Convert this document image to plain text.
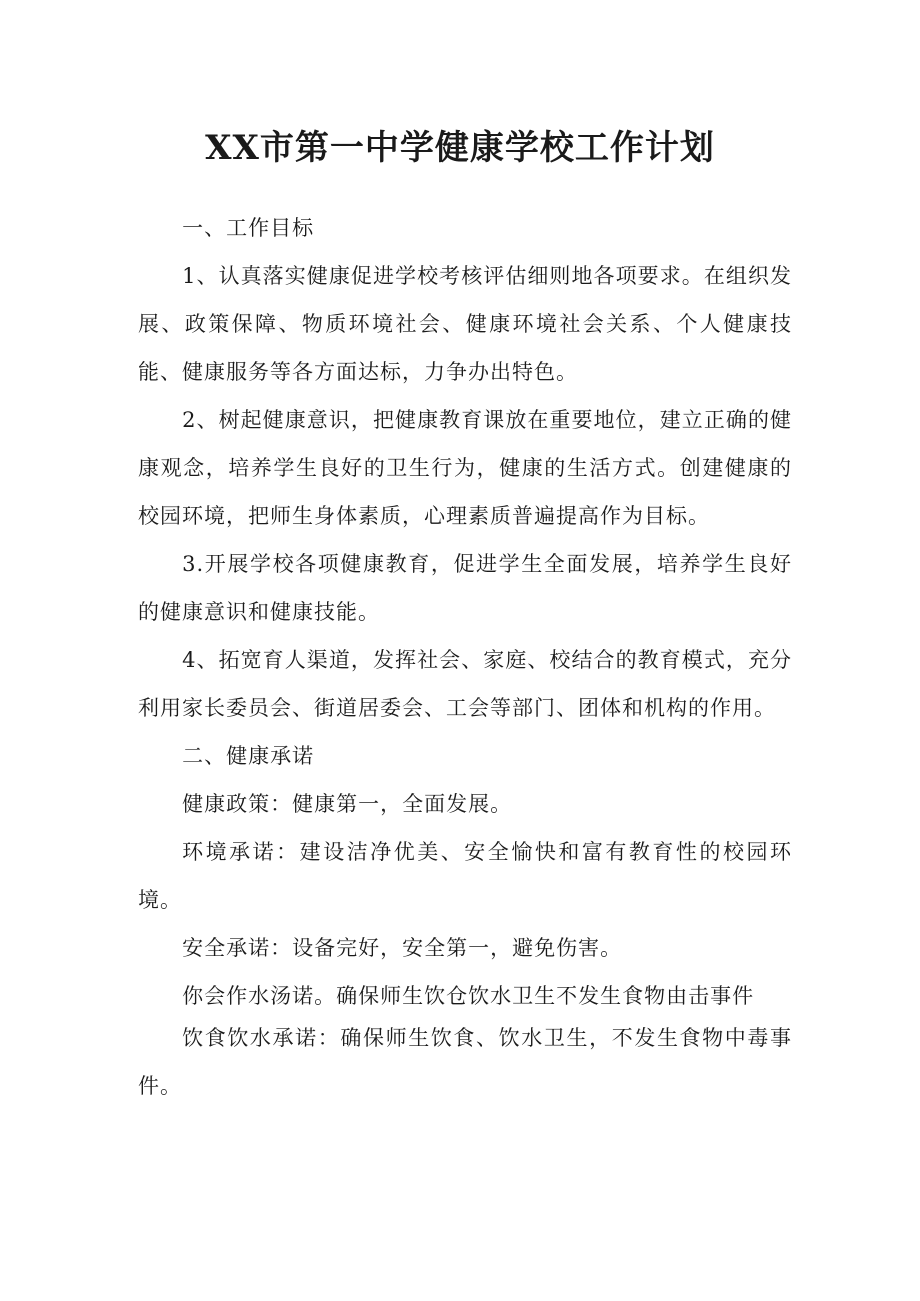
XX市第一中学健康学校工作计划

一、工作目标

1、认真落实健康促进学校考核评估细则地各项要求。在组织发展、政策保障、物质环境社会、健康环境社会关系、个人健康技能、健康服务等各方面达标，力争办出特色。

2、树起健康意识，把健康教育课放在重要地位，建立正确的健康观念，培养学生良好的卫生行为，健康的生活方式。创建健康的校园环境，把师生身体素质，心理素质普遍提高作为目标。

3.开展学校各项健康教育，促进学生全面发展，培养学生良好的健康意识和健康技能。

4、拓宽育人渠道，发挥社会、家庭、校结合的教育模式，充分利用家长委员会、街道居委会、工会等部门、团体和机构的作用。

二、健康承诺

健康政策：健康第一，全面发展。

环境承诺：建设洁净优美、安全愉快和富有教育性的校园环境。

安全承诺：设备完好，安全第一，避免伤害。

你会作水汤诺。确保师生饮仓饮水卫生不发生食物由击事件

饮食饮水承诺：确保师生饮食、饮水卫生，不发生食物中毒事件。
